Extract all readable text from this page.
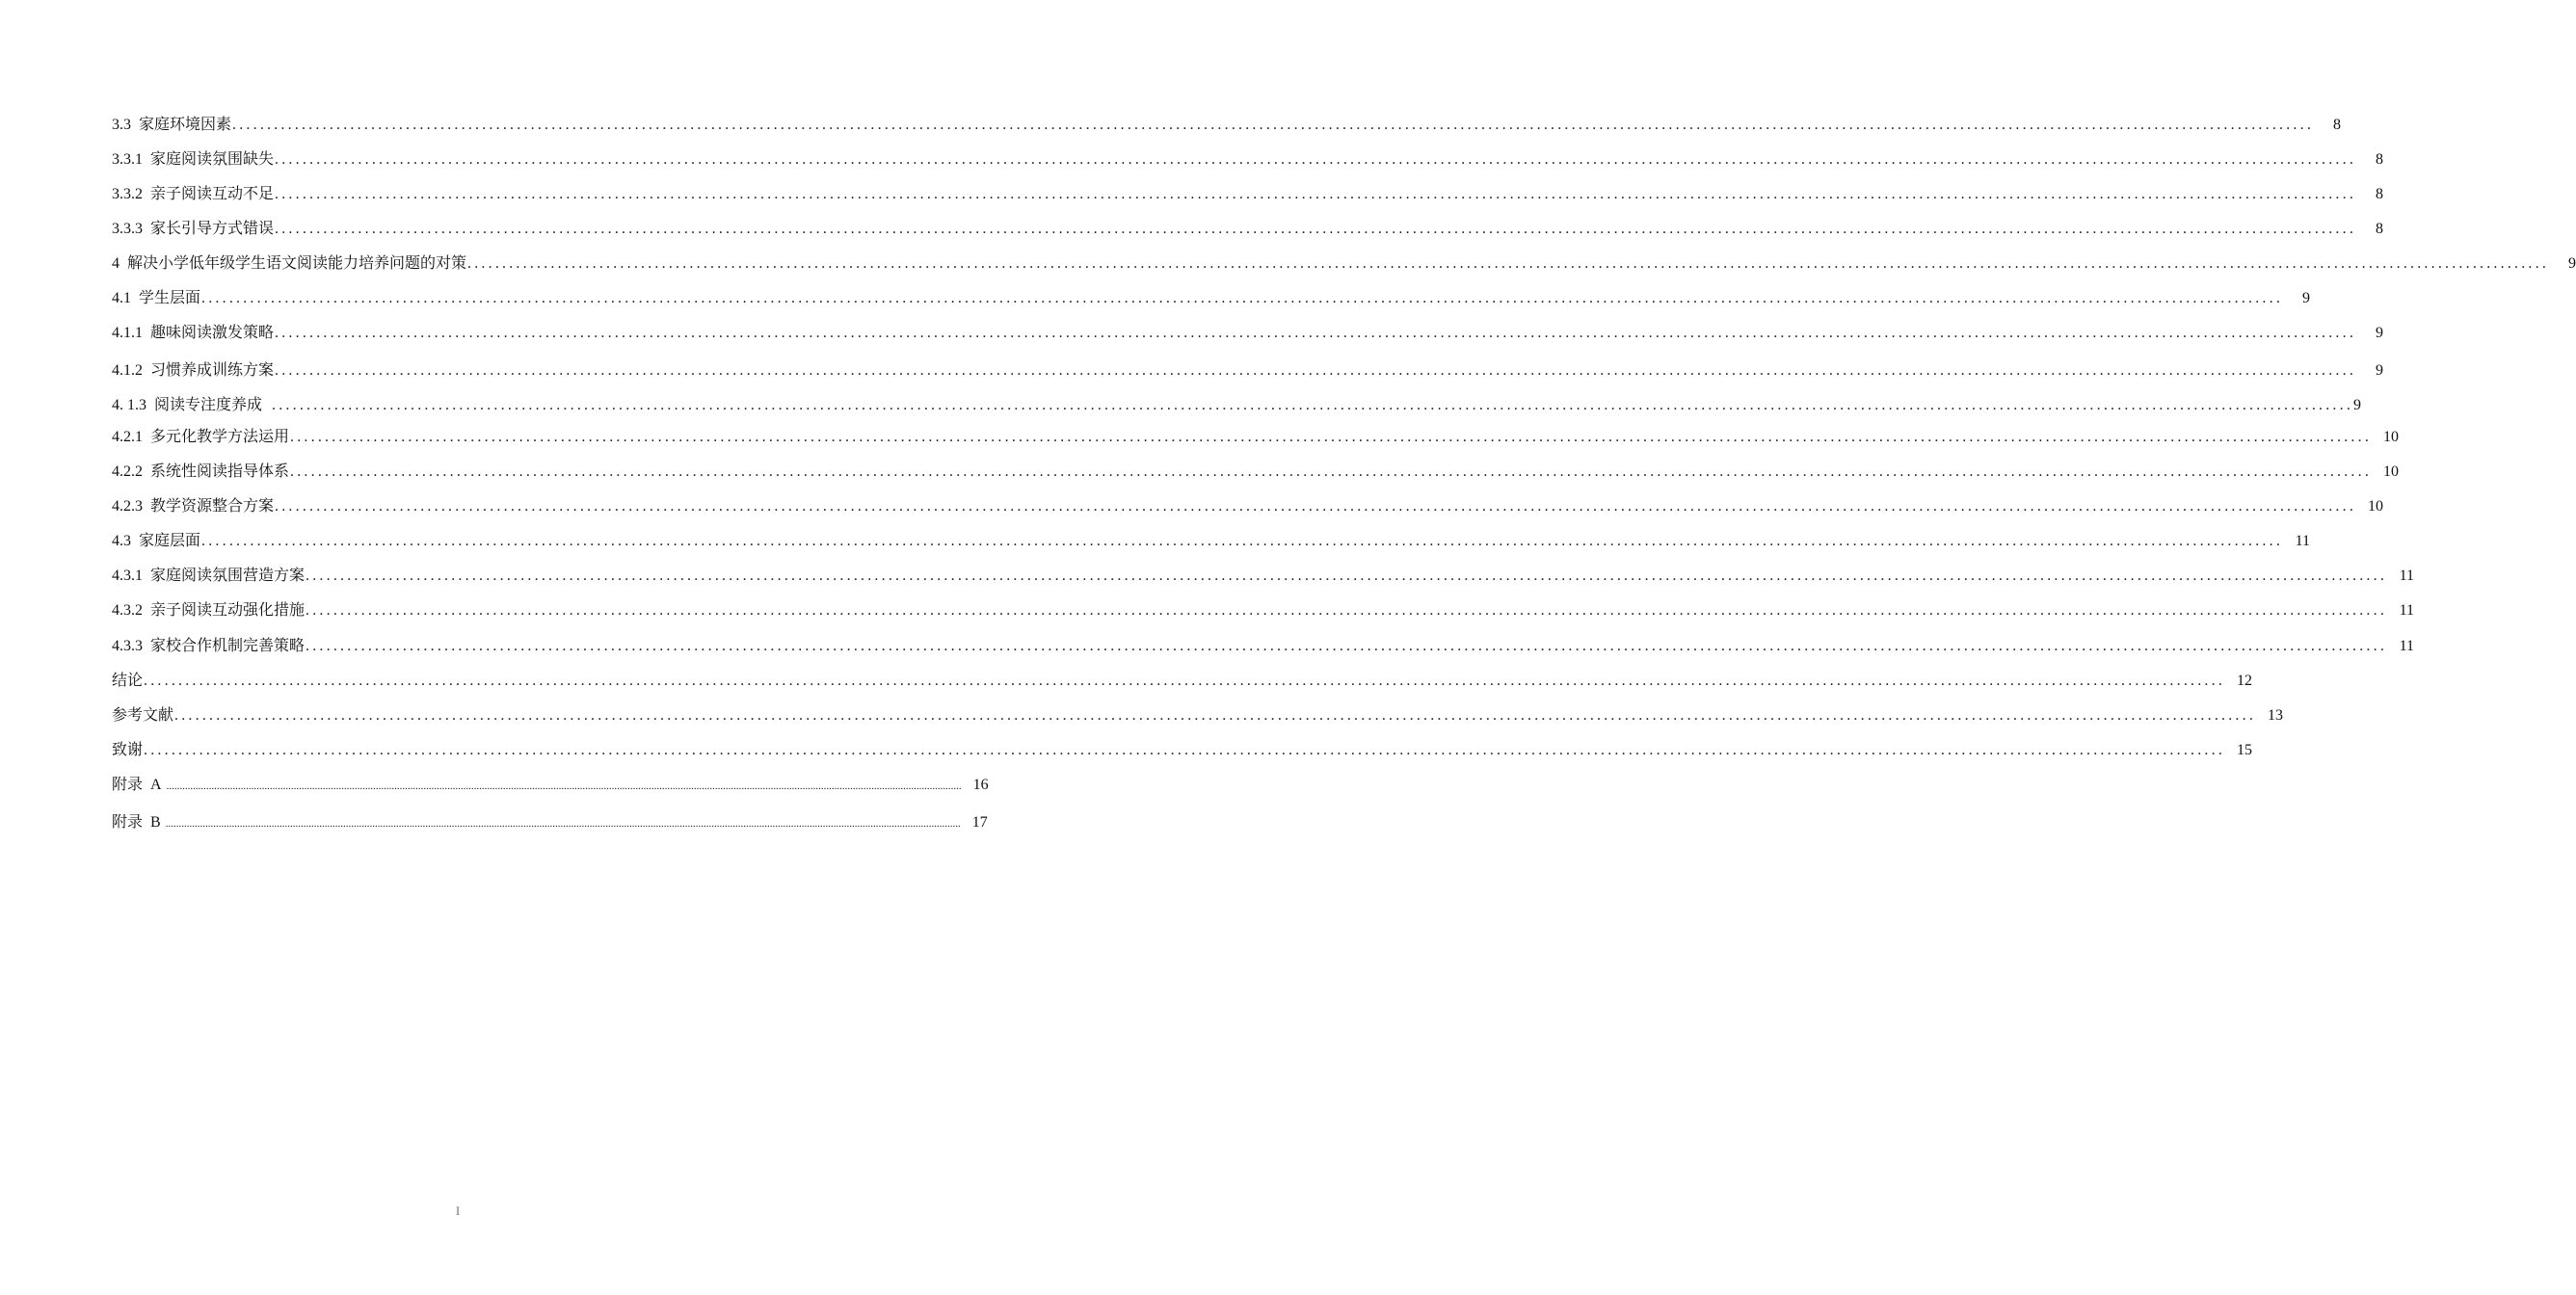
3.3 家庭环境因素 ............................................................................................................................................................................................................................................................................................................	8
3.3.1 家庭阅读氛围缺失 ............................................................................................................................................................................................................................................................................................................	8
3.3.2 亲子阅读互动不足 ............................................................................................................................................................................................................................................................................................................	8
3.3.3 家长引导方式错误 ............................................................................................................................................................................................................................................................................................................	8
4 解决小学低年级学生语文阅读能力培养问题的对策 ............................................................................................................................................................................................................................................................................................................	9
4.1 学生层面 ............................................................................................................................................................................................................................................................................................................	9
4.1.1 趣味阅读激发策略 ............................................................................................................................................................................................................................................................................................................	9
4.1.2 习惯养成训练方案 ............................................................................................................................................................................................................................................................................................................	9
4. 1.3 阅读专注度养成 ............................................................................................................................................................................................................................................................................................................ 9
4.2.1 多元化教学方法运用 ............................................................................................................................................................................................................................................................................................................ 10
4.2.2 系统性阅读指导体系 ............................................................................................................................................................................................................................................................................................................ 10
4.2.3 教学资源整合方案 ............................................................................................................................................................................................................................................................................................................ 10
4.3 家庭层面 ............................................................................................................................................................................................................................................................................................................ 11
4.3.1 家庭阅读氛围营造方案 ............................................................................................................................................................................................................................................................................................................ 11
4.3.2 亲子阅读互动强化措施 ............................................................................................................................................................................................................................................................................................................ 11
4.3.3 家校合作机制完善策略 ............................................................................................................................................................................................................................................................................................................ 11
结论 ............................................................................................................................................................................................................................................................................................................ 12
参考文献 ............................................................................................................................................................................................................................................................................................................ 13
致谢 ............................................................................................................................................................................................................................................................................................................ 15
附录 A ............................................................................................................................................................................................................................................................................................................ 16
附录 B ............................................................................................................................................................................................................................................................................................................ 17
I
